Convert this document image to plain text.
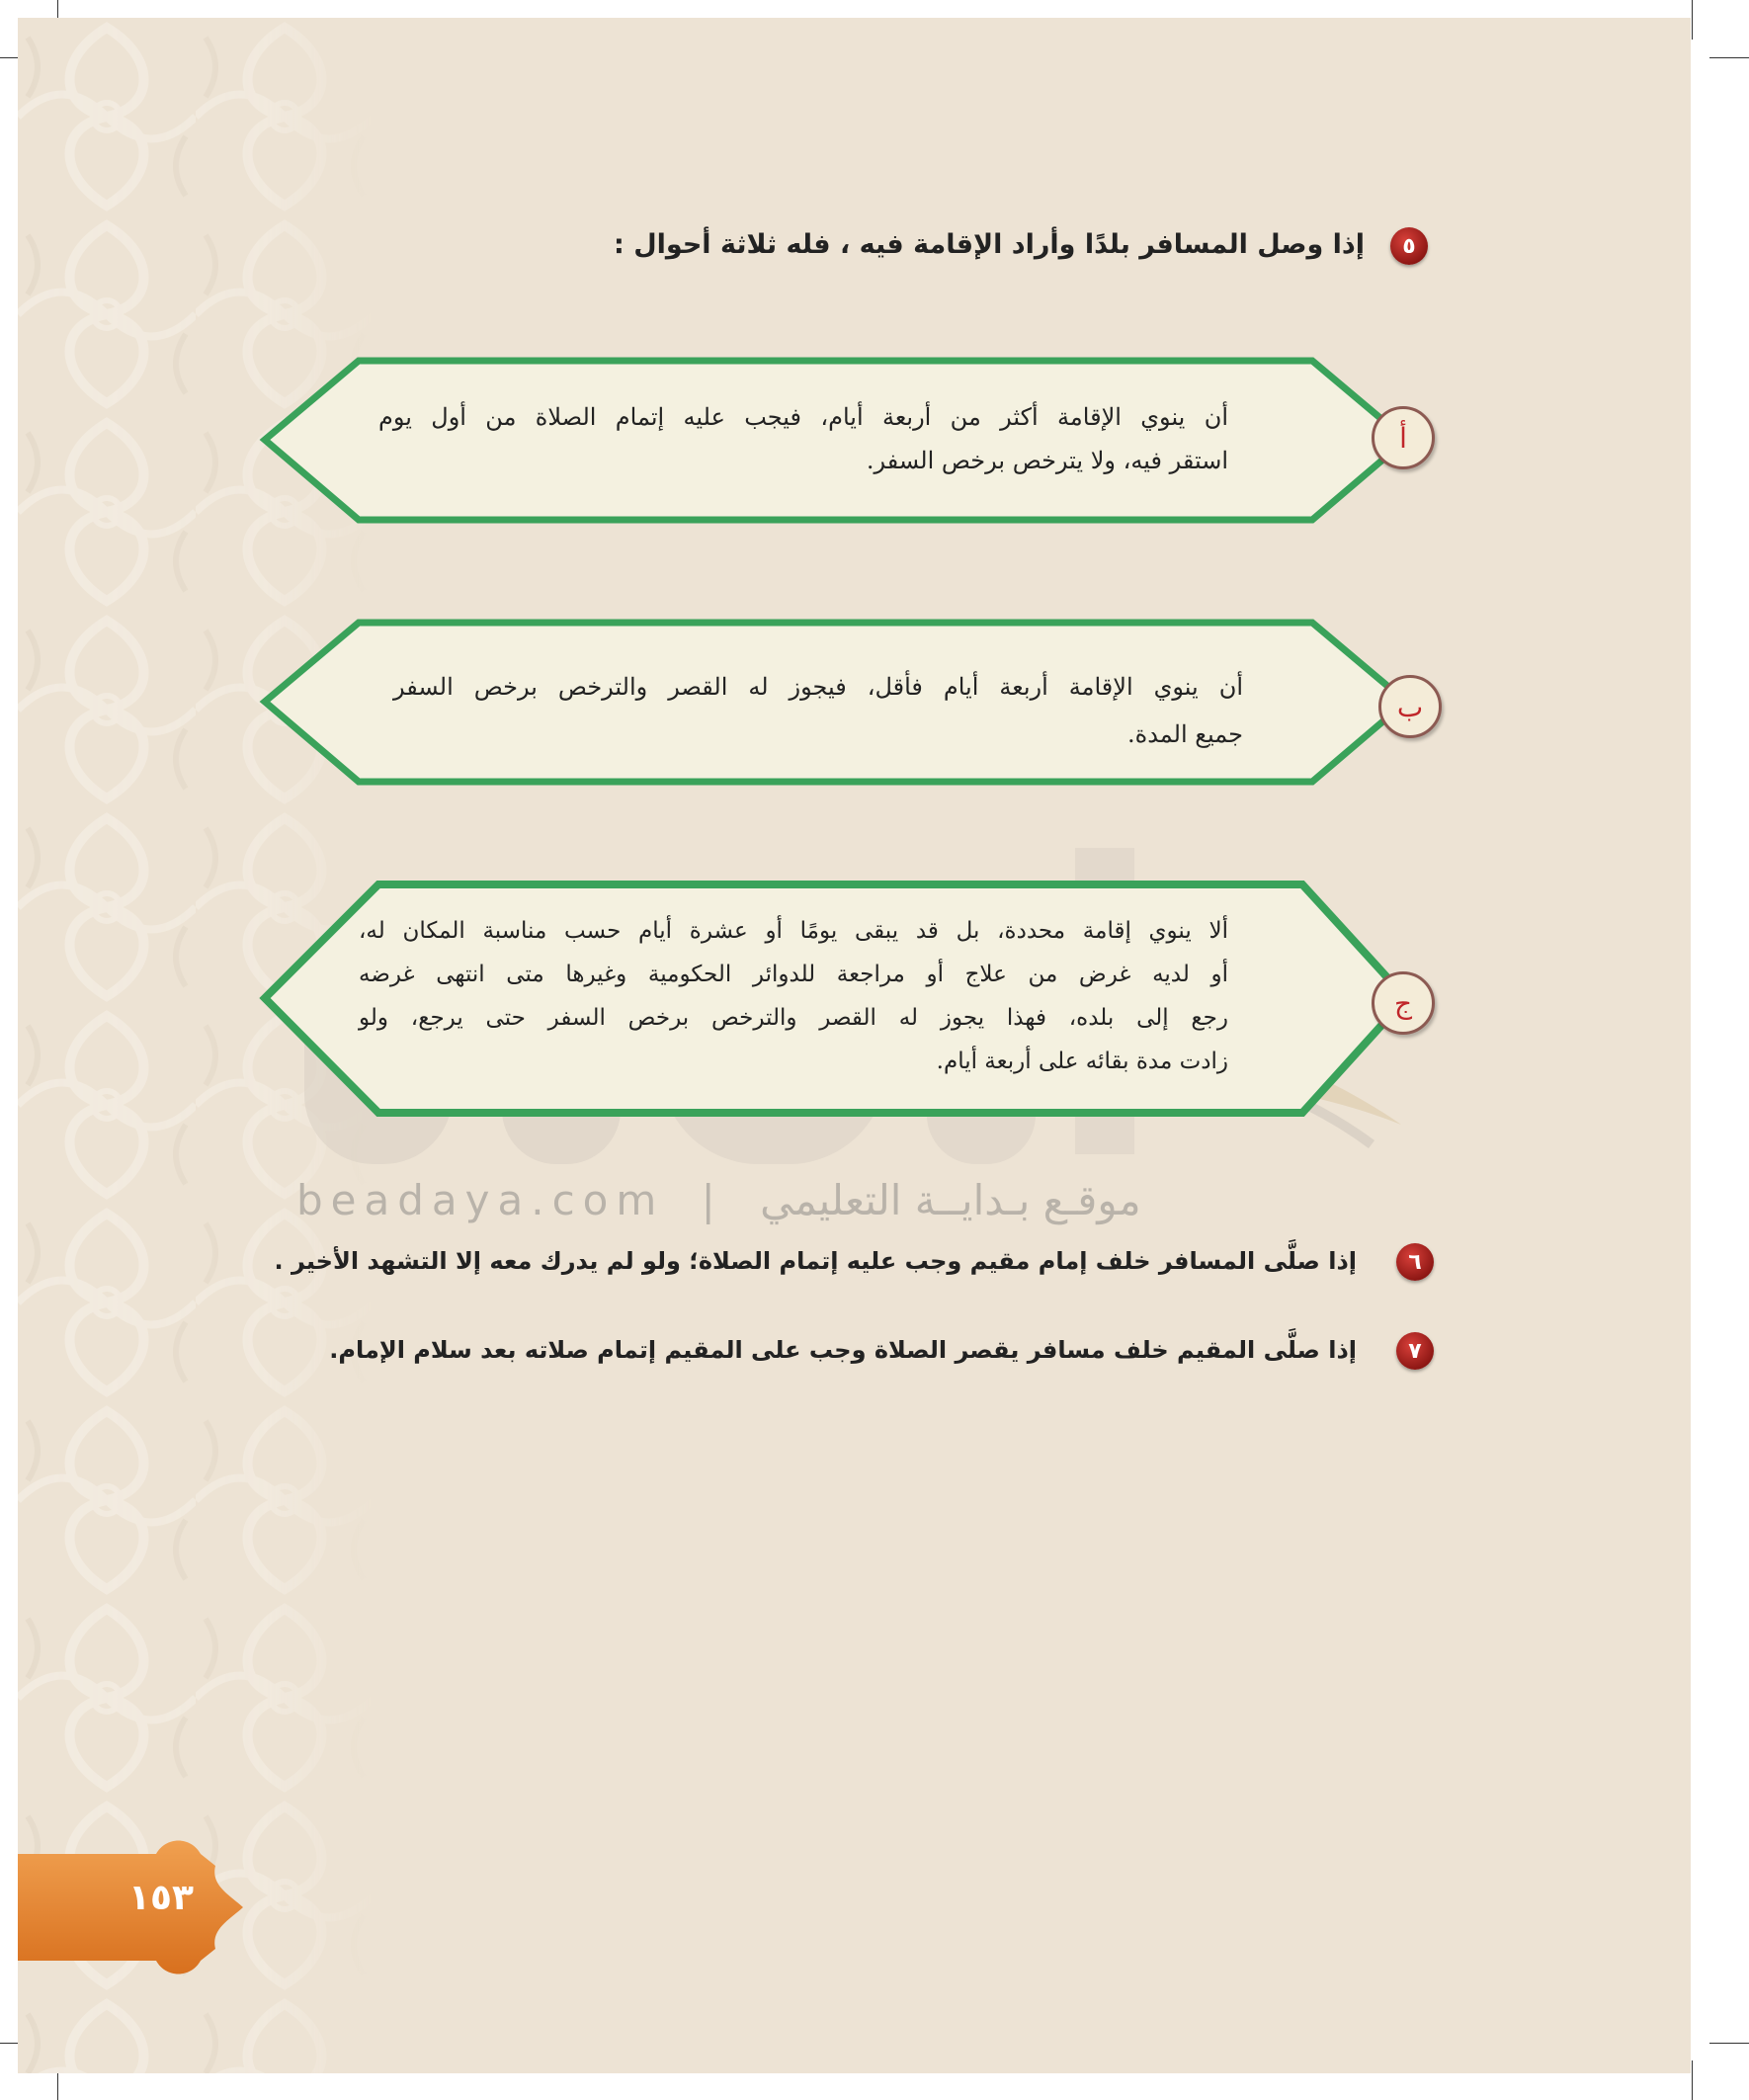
beadaya.com | موقـع بـدايــة التعليمي
٥
إذا وصل المسافر بلدًا وأراد الإقامة فيه ، فله ثلاثة أحوال :
أن ينوي الإقامة أكثر من أربعة أيام، فيجب عليه إتمام الصلاة من أول يوم
استقر فيه، ولا يترخص برخص السفر.
أ
أن ينوي الإقامة أربعة أيام فأقل، فيجوز له القصر والترخص برخص السفر
جميع المدة.
ب
ألا ينوي إقامة محددة، بل قد يبقى يومًا أو عشرة أيام حسب مناسبة المكان له،
أو لديه غرض من علاج أو مراجعة للدوائر الحكومية وغيرها متى انتهى غرضه
رجع إلى بلده، فهذا يجوز له القصر والترخص برخص السفر حتى يرجع، ولو
زادت مدة بقائه على أربعة أيام.
ج
٦
إذا صلَّى المسافر خلف إمام مقيم وجب عليه إتمام الصلاة؛ ولو لم يدرك معه إلا التشهد الأخير .
٧
إذا صلَّى المقيم خلف مسافر يقصر الصلاة وجب على المقيم إتمام صلاته بعد سلام الإمام.
١٥٣
